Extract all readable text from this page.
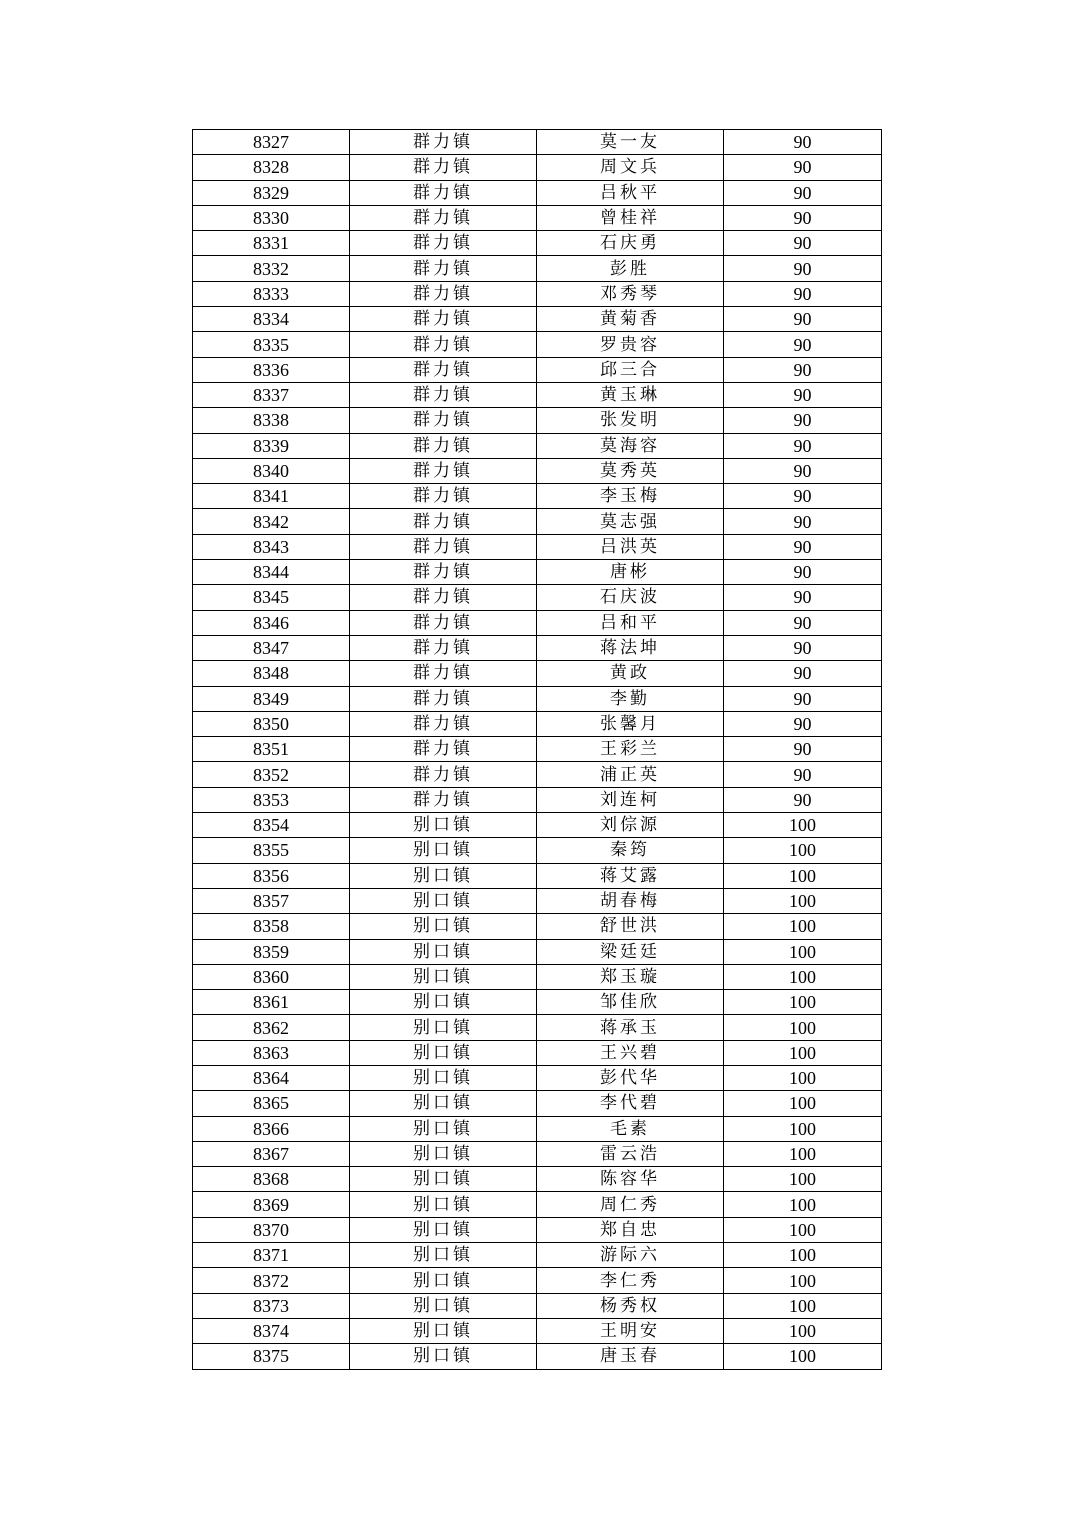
8327	群力镇	莫一友	90
8328	群力镇	周文兵	90
8329	群力镇	吕秋平	90
8330	群力镇	曾桂祥	90
8331	群力镇	石庆勇	90
8332	群力镇	彭胜	90
8333	群力镇	邓秀琴	90
8334	群力镇	黄菊香	90
8335	群力镇	罗贵容	90
8336	群力镇	邱三合	90
8337	群力镇	黄玉琳	90
8338	群力镇	张发明	90
8339	群力镇	莫海容	90
8340	群力镇	莫秀英	90
8341	群力镇	李玉梅	90
8342	群力镇	莫志强	90
8343	群力镇	吕洪英	90
8344	群力镇	唐彬	90
8345	群力镇	石庆波	90
8346	群力镇	吕和平	90
8347	群力镇	蒋法坤	90
8348	群力镇	黄政	90
8349	群力镇	李勤	90
8350	群力镇	张馨月	90
8351	群力镇	王彩兰	90
8352	群力镇	浦正英	90
8353	群力镇	刘连柯	90
8354	别口镇	刘倧源	100
8355	别口镇	秦筠	100
8356	别口镇	蒋艾露	100
8357	别口镇	胡春梅	100
8358	别口镇	舒世洪	100
8359	别口镇	梁廷廷	100
8360	别口镇	郑玉璇	100
8361	别口镇	邹佳欣	100
8362	别口镇	蒋承玉	100
8363	别口镇	王兴碧	100
8364	别口镇	彭代华	100
8365	别口镇	李代碧	100
8366	别口镇	毛素	100
8367	别口镇	雷云浩	100
8368	别口镇	陈容华	100
8369	别口镇	周仁秀	100
8370	别口镇	郑自忠	100
8371	别口镇	游际六	100
8372	别口镇	李仁秀	100
8373	别口镇	杨秀权	100
8374	别口镇	王明安	100
8375	别口镇	唐玉春	100
